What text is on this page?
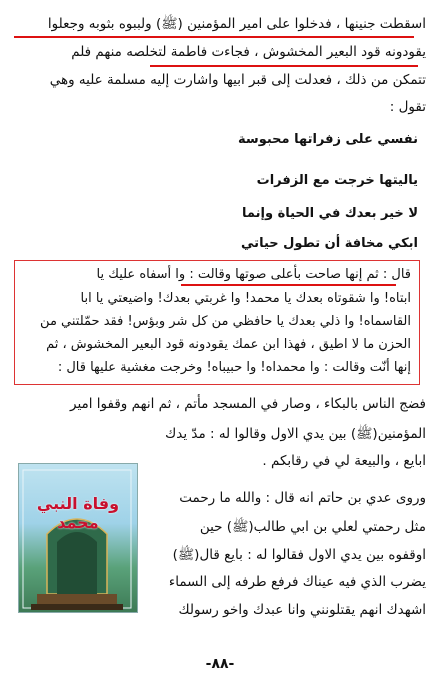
اسقطت جنينها ، فدخلوا على امير المؤمنين (ﷺ) ولببوه بثوبه وجعلوا
يقودونه قود البعير المخشوش ، فجاءت فاطمة لتخلصه منهم فلم
تتمكن من ذلك ، فعدلت إلى قبر ابيها واشارت إليه مسلمة عليه وهي
تقول :
نفسي على زفراتها محبوسة
ياليتها خرجت مع الزفرات
لا خير بعدك في الحياة وإنما
ابكي مخافة أن تطول حياتي
قال : ثم إنها صاحت بأعلى صوتها وقالت : وا أسفاه عليك يا
ابتاه! وا شقوتاه بعدك يا محمد! وا غربتي بعدك! واضيعتي يا ابا
القاسماه! وا ذلي بعدك يا حافظي من كل شر وبؤس! فقد حمّلتني من
الحزن ما لا اطيق ، فهذا ابن عمك يقودونه قود البعير المخشوش ، ثم
إنها أنّت وقالت : وا محمداه! وا حبيباه! وخرجت مغشية عليها قال :
فضج الناس بالبكاء ، وصار في المسجد مأتم ، ثم انهم وقفوا امير
المؤمنين(ﷺ) بين يدي الاول وقالوا له : مدّ يدك
ابايع ، والبيعة لي في رقابكم .
وروى عدي بن حاتم انه قال : والله ما رحمت
مثل رحمتي لعلي بن ابي طالب(ﷺ) حين
اوقفوه بين يدي الاول فقالوا له : بايع قال(ﷺ)
يضرب الذي فيه عيناك فرفع طرفه إلى السماء
اشهدك انهم يقتلونني وانا عبدك واخو رسولك
وفاة النبي محمد
-٨٨-
